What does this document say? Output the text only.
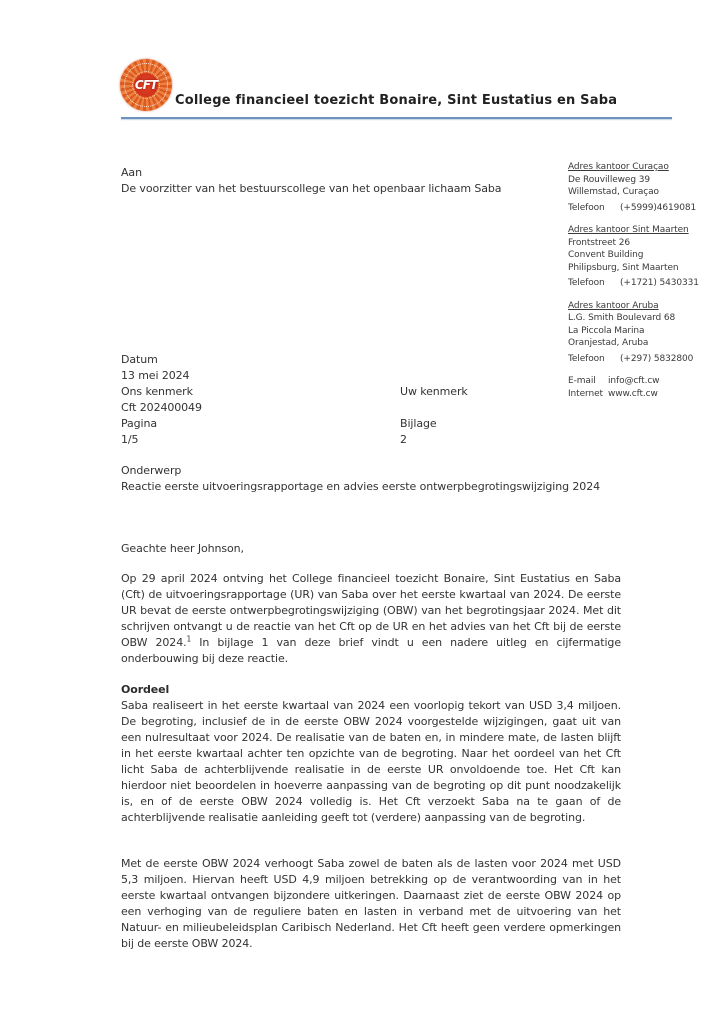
CFT
College financieel toezicht Bonaire, Sint Eustatius en Saba
Aan
De voorzitter van het bestuurscollege van het openbaar lichaam Saba
Adres kantoor Curaçao
De Rouvilleweg 39
Willemstad, Curaçao
Telefoon	(+5999)4619081
Adres kantoor Sint Maarten
Frontstreet 26
Convent Building
Philipsburg, Sint Maarten
Telefoon	(+1721) 5430331
Adres kantoor Aruba
L.G. Smith Boulevard 68
La Piccola Marina
Oranjestad, Aruba
Telefoon	(+297) 5832800
E-mail	info@cft.cw
Internet www.cft.cw
Datum
13 mei 2024
Ons kenmerk	Uw kenmerk
Cft 202400049
Pagina	Bijlage
1/5	2
Onderwerp
Reactie eerste uitvoeringsrapportage en advies eerste ontwerpbegrotingswijziging 2024
Geachte heer Johnson,
Op 29 april 2024 ontving het College financieel toezicht Bonaire, Sint Eustatius en Saba (Cft) de uitvoeringsrapportage (UR) van Saba over het eerste kwartaal van 2024. De eerste UR bevat de eerste ontwerpbegrotingswijziging (OBW) van het begrotingsjaar 2024. Met dit schrijven ontvangt u de reactie van het Cft op de UR en het advies van het Cft bij de eerste OBW 2024.$^1$ In bijlage 1 van deze brief vindt u een nadere uitleg en cijfermatige onderbouwing bij deze reactie.
Oordeel
Saba realiseert in het eerste kwartaal van 2024 een voorlopig tekort van USD 3,4 miljoen. De begroting, inclusief de in de eerste OBW 2024 voorgestelde wijzigingen, gaat uit van een nulresultaat voor 2024. De realisatie van de baten en, in mindere mate, de lasten blijft in het eerste kwartaal achter ten opzichte van de begroting. Naar het oordeel van het Cft licht Saba de achterblijvende realisatie in de eerste UR onvoldoende toe. Het Cft kan hierdoor niet beoordelen in hoeverre aanpassing van de begroting op dit punt noodzakelijk is, en of de eerste OBW 2024 volledig is. Het Cft verzoekt Saba na te gaan of de achterblijvende realisatie aanleiding geeft tot (verdere) aanpassing van de begroting.
Met de eerste OBW 2024 verhoogt Saba zowel de baten als de lasten voor 2024 met USD 5,3 miljoen. Hiervan heeft USD 4,9 miljoen betrekking op de verantwoording van in het eerste kwartaal ontvangen bijzondere uitkeringen. Daarnaast ziet de eerste OBW 2024 op een verhoging van de reguliere baten en lasten in verband met de uitvoering van het Natuur- en milieubeleidsplan Caribisch Nederland. Het Cft heeft geen verdere opmerkingen bij de eerste OBW 2024.
